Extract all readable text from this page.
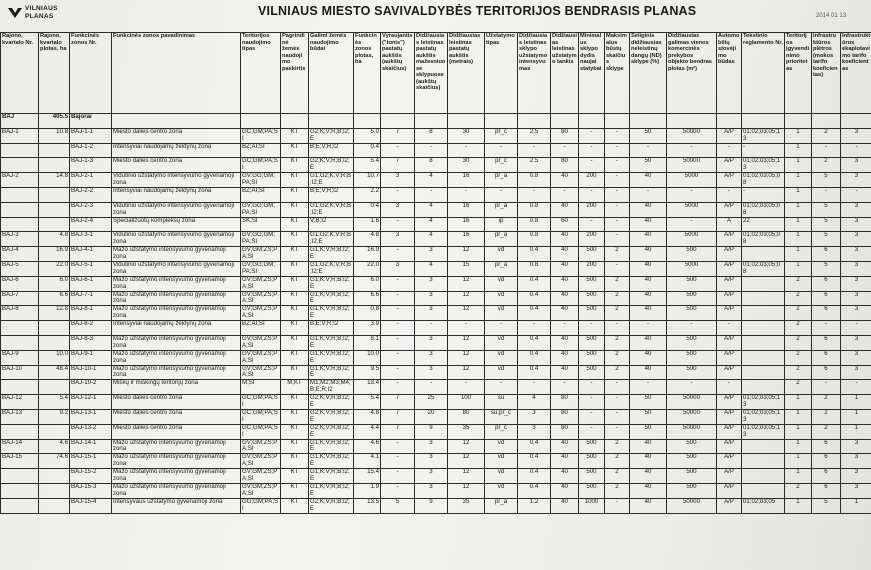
VILNIAUS
PLANAS	VILNIAUS MIESTO SAVIVALDYBĖS TERITORIJOS BENDRASIS PLANAS	2014 01 13
Rajono, kvartalo Nr.	Rajono, kvartalo plotas, ha	Funkcinės zonos Nr.	Funkcinės zonos pavadinimas	Teritorijos naudojimo tipas	Pagrindinė žemės naudojimo paskirtis	Galimi žemės naudojimo būdai	Funkcinės zonos plotas, ha	Vyraujantis ("tonis") pastatų aukštis (aukštų skaičius)	Didžiausias leistinas pastatų aukštis mažesniuose sklypuose (aukštų skaičius)	Didžiausias leistinas pastatų aukštis (metrais)	Užstatymo tipas	Didžiausias leistinas sklypo užstatymo intensyvumas	Didžiausias leistinas užstatymo tankis	Minimalus sklypo dydis naujai statybai	Maksimalus būstų skaičius sklype	Seliginis didžiausias neleistinų dangų (ND) sklype (%)	Didžiausias galimas vienos komercinės prekybos objekto bendras plotas (m²)	Automobilių stovėjimo būdas	Tekstinio reglamento Nr.	Teritorijos įgyvendinimo prioritetas	Infrastruktūros plėtros (mokos tarifo koeficientas)	Infrastruktūros ekaplotavimo tarifo koeficientas
BAJ	405.5	Bajorai																				
BAJ-1	10.8	BAJ-1-1	Miesto dalies centro zona	GC;GM;PA;SI	KT	G2;K;V;R;B;I2;E	5.0	7	8	30	pr_c	2.5	80	-	-	50	50000	A/P	01;02;03;05;13	1	2	3
		BAJ-1-2	Intensyviai naudojamų želdynų zona	BZ;AI;SI	KT	B;E;V;R;I2	0.4	-	-	-	-	-	-	-	-	-	-	-	-	1	-	-
		BAJ-1-3	Miesto dalies centro zona	GC;GM;PA;SI	KT	G2;K;V;R;B;I2;E	5.4	7	8	30	pr_c	2.5	80	-	-	50	50000	A/P	01;02;03;05;13	1	2	3
BAJ-2	14.8	BAJ-2-1	Vidutinio užstatymo intensyvumo gyvenamoji zona	GV;GG;GM;PA;SI	KT	G1;G2;K;V;R;B;I2;E	10.7	3	4	16	pr_a	0.8	40	200	-	40	5000	A/P	01;02;03;05;08	1	5	3
		BAJ-2-2	Intensyviai naudojamų želdynų zona	BZ;AI;SI	KT	B;E;V;R;I2	2.2	-	-	-	-	-	-	-	-	-	-	-	-	1	-	-
		BAJ-2-3	Vidutinio užstatymo intensyvumo gyvenamoji zona	GV;GG;GM;PA;SI	KT	G1;G2;K;V;R;B;I2;E	0.4	3	4	16	pr_a	0.8	40	200	-	40	5000	A/P	01;02;03;05;08	1	5	3
		BAJ-2-4	Specializuotų kompleksų zona	SK;SI	KT	V;B;I2	1.6	-	4	16	ip	0.8	60	-	-	40	-	A	22	1	5	3
BAJ-3	4.8	BAJ-3-1	Vidutinio užstatymo intensyvumo gyvenamoji zona	GV;GG;GM;PA;SI	KT	G1;G2;K;V;R;B;I2;E	4.8	3	4	16	pr_a	0.8	40	200	-	40	5000	A/P	01;02;03;05;08	1	5	3
BAJ-4	16.9	BAJ-4-1	Mažo užstatymo intensyvumo gyvenamoji zona	GV;GM;ZS;PA;SI	KT	G1;K;V;R;B;I2;E	16.9	-	3	12	vd	0.4	40	500	2	40	500	A/P		1	6	3
BAJ-5	22.0	BAJ-5-1	Vidutinio užstatymo intensyvumo gyvenamoji zona	GV;GG;GM;PA;SI	KT	G1;G2;K;V;R;B;I2;E	22.0	3	4	15	pr_a	0.8	40	200	-	40	5000	A/P	01;02;03;05;08	1	5	3
BAJ-6	6.0	BAJ-6-1	Mažo užstatymo intensyvumo gyvenamoji zona	GV;GM;ZS;PA;SI	KT	G1;K;V;R;B;I2;E	6.0	-	3	12	vd	0.4	40	500	2	40	500	A/P		2	6	3
BAJ-7	6.6	BAJ-7-1	Mažo užstatymo intensyvumo gyvenamoji zona	GV;GM;ZS;PA;SI	KT	G1;K;V;R;B;I2;E	6.6	-	3	12	vd	0.4	40	500	2	40	500	A/P		2	6	3
BAJ-8	12.8	BAJ-8-1	Mažo užstatymo intensyvumo gyvenamoji zona	GV;GM;ZS;PA;SI	KT	G1;K;V;R;B;I2;E	0.8	-	3	12	vd	0.4	40	500	2	40	500	A/P		2	6	3
		BAJ-8-2	Intensyviai naudojamų želdynų zona	BZ;AI;SI	KT	B;E;V;R;I2	3.9	-	-	-	-	-	-	-	-	-	-	-		2	-	-
		BAJ-8-3	Mažo užstatymo intensyvumo gyvenamoji zona	GV;GM;ZS;PA;SI	KT	G1;K;V;R;B;I2;E	8.1	-	3	12	vd	0.4	40	500	2	40	500	A/P		2	6	3
BAJ-9	10.0	BAJ-9-1	Mažo užstatymo intensyvumo gyvenamoji zona	GV;GM;ZS;PA;SI	KT	G1;K;V;R;B;I2;E	10.0	-	3	12	vd	0.4	40	500	2	40	500	A/P		2	6	3
BAJ-10	48.4	BAJ-10-1	Mažo užstatymo intensyvumo gyvenamoji zona	GV;GM;ZS;PA;SI	KT	G1;K;V;R;B;I2;E	9.5	-	3	12	vd	0.4	40	500	2	40	500	A/P		2	6	3
		BAJ-10-2	Miškų ir miškingų teritorijų zona	M;SI	M;KT	M1;M2;M3;M4;B;E;R;I2	13.4	-	-	-	-	-	-	-	-	-	-	-		2	-	-
BAJ-12	5.4	BAJ-12-1	Miesto dalies centro zona	GC;GM;PA;SI	KT	G2;K;V;R;B;I2;E	5.4	7	25	100	su	4	80	-	-	50	50000	A/P	01;02;03;05;13	1	2	1
BAJ-13	9.2	BAJ-13-1	Miesto dalies centro zona	GC;GM;PA;SI	KT	G2;K;V;R;B;I2;E	4.8	7	20	80	su;pr_c	3	80	-	-	50	50000	A/P	01;02;03;05;13	1	2	1
		BAJ-13-2	Miesto dalies centro zona	GC;GM;PA;SI	KT	G2;K;V;R;B;I2;E	4.4	7	9	35	pr_c	3	80	-	-	50	50000	A/P	01;02;03;05;13	1	2	1
BAJ-14	4.6	BAJ-14-1	Mažo užstatymo intensyvumo gyvenamoji zona	GV;GM;ZS;PA;SI	KT	G1;K;V;R;B;I2;E	4.6	-	3	12	vd	0.4	40	500	2	40	500	A/P		1	6	3
BAJ-15	74.6	BAJ-15-1	Mažo užstatymo intensyvumo gyvenamoji zona	GV;GM;ZS;PA;SI	KT	G1;K;V;R;B;I2;E	4.1	-	3	12	vd	0.4	40	500	2	40	500	A/P		1	6	3
		BAJ-15-2	Mažo užstatymo intensyvumo gyvenamoji zona	GV;GM;ZS;PA;SI	KT	G1;K;V;R;B;I2;E	15.4	-	3	12	vd	0.4	40	500	2	40	500	A/P		1	6	3
		BAJ-15-3	Mažo užstatymo intensyvumo gyvenamoji zona	GV;GM;ZS;PA;SI	KT	G1;K;V;R;B;I2;E	1.9	-	3	12	vd	0.4	40	500	2	40	500	A/P		2	6	3
		BAJ-15-4	Intensyvaus užstatymo gyvenamoji zona	GG;GM;PA;SI	KT	G2;K;V;R;B;I2;E	13.5	5	9	35	pr_a	1.2	40	1000	-	40	50000	A/P	01;02;03;05	1	5	1
